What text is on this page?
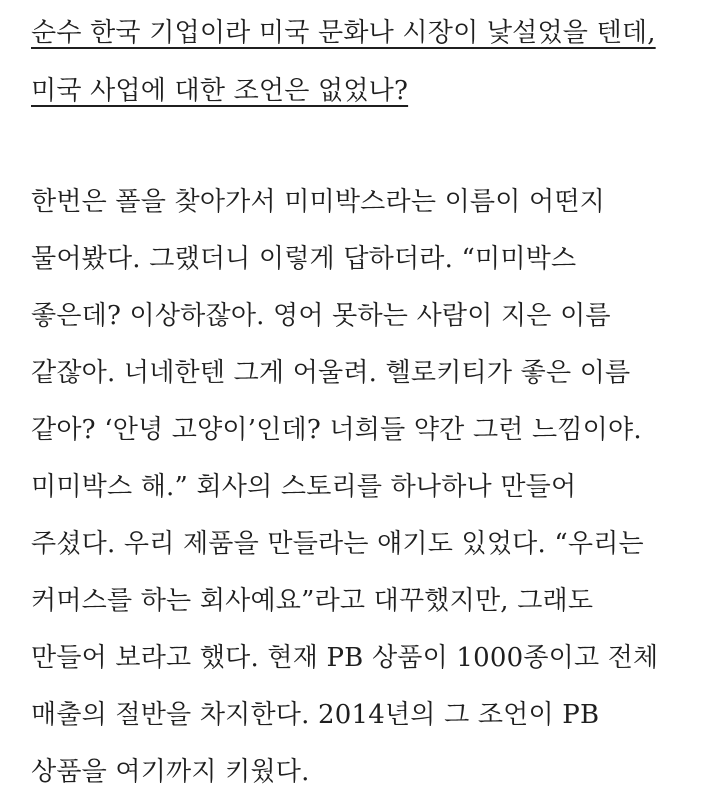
순수 한국 기업이라 미국 문화나 시장이 낯설었을 텐데,
미국 사업에 대한 조언은 없었나?
한번은 폴을 찾아가서 미미박스라는 이름이 어떤지
물어봤다. 그랬더니 이렇게 답하더라. “미미박스
좋은데? 이상하잖아. 영어 못하는 사람이 지은 이름
같잖아. 너네한텐 그게 어울려. 헬로키티가 좋은 이름
같아? ‘안녕 고양이’인데? 너희들 약간 그런 느낌이야.
미미박스 해.” 회사의 스토리를 하나하나 만들어
주셨다. 우리 제품을 만들라는 얘기도 있었다. “우리는
커머스를 하는 회사예요”라고 대꾸했지만, 그래도
만들어 보라고 했다. 현재 PB 상품이 1000종이고 전체
매출의 절반을 차지한다. 2014년의 그 조언이 PB
상품을 여기까지 키웠다.
